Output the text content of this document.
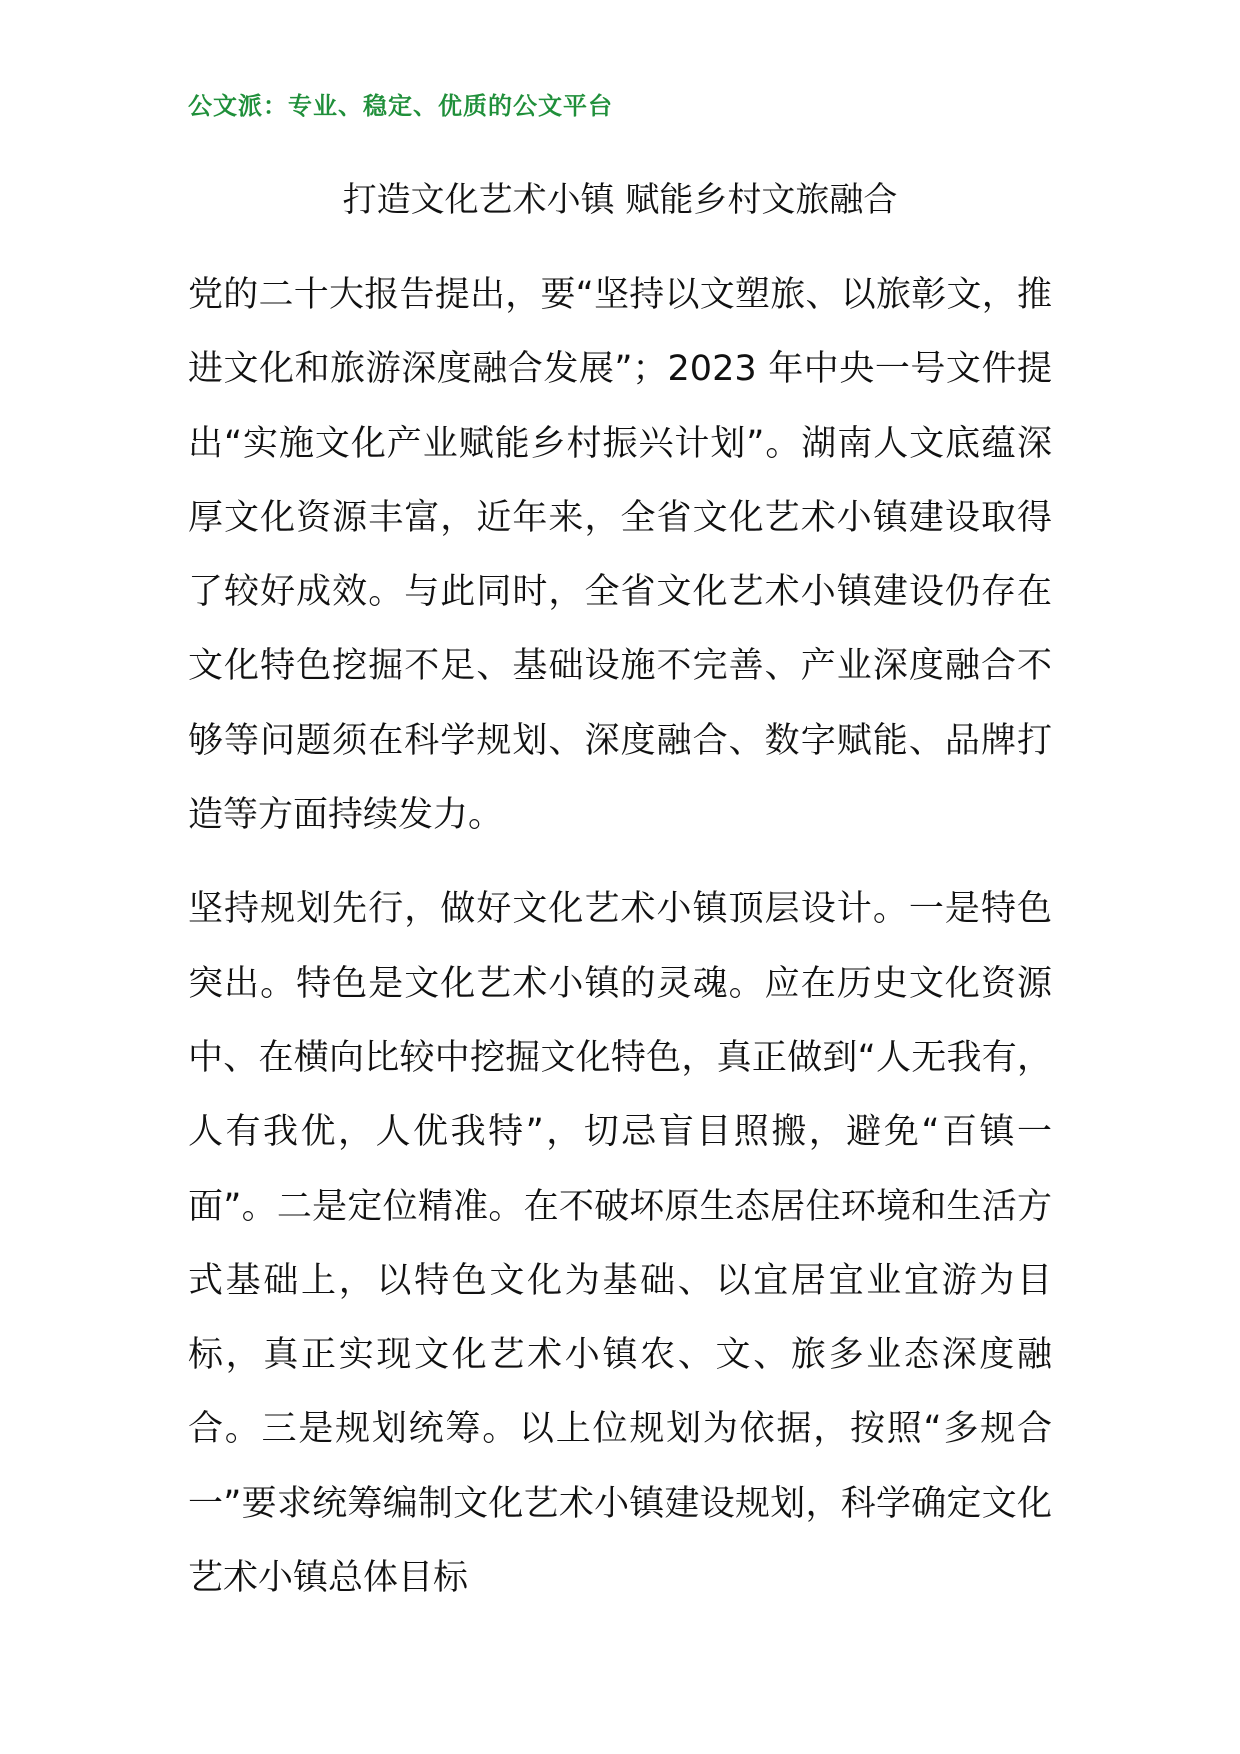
公文派：专业、稳定、优质的公文平台
打造文化艺术小镇 赋能乡村文旅融合

党的二十大报告提出，要“坚持以文塑旅、以旅彰文，推进文化和旅游深度融合发展”；2023 年中央一号文件提出“实施文化产业赋能乡村振兴计划”。湖南人文底蕴深厚文化资源丰富，近年来，全省文化艺术小镇建设取得了较好成效。与此同时，全省文化艺术小镇建设仍存在文化特色挖掘不足、基础设施不完善、产业深度融合不够等问题须在科学规划、深度融合、数字赋能、品牌打造等方面持续发力。

坚持规划先行，做好文化艺术小镇顶层设计。一是特色突出。特色是文化艺术小镇的灵魂。应在历史文化资源中、在横向比较中挖掘文化特色，真正做到“人无我有，人有我优，人优我特”，切忌盲目照搬，避免“百镇一面”。二是定位精准。在不破坏原生态居住环境和生活方式基础上，以特色文化为基础、以宜居宜业宜游为目标，真正实现文化艺术小镇农、文、旅多业态深度融合。三是规划统筹。以上位规划为依据，按照“多规合一”要求统筹编制文化艺术小镇建设规划，科学确定文化艺术小镇总体目标
